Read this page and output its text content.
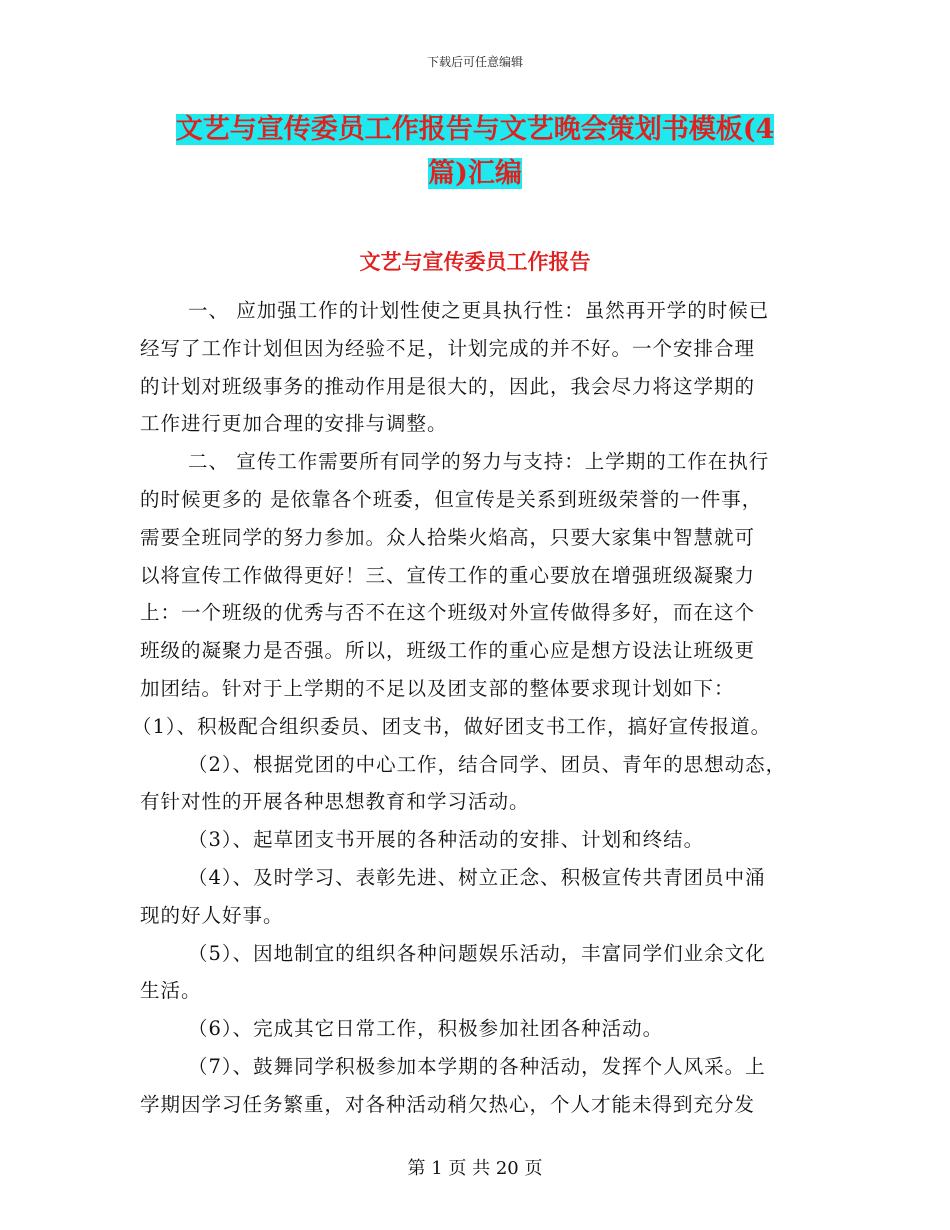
下载后可任意编辑
文艺与宣传委员工作报告与文艺晚会策划书模板(4
篇)汇编
文艺与宣传委员工作报告
一、 应加强工作的计划性使之更具执行性：虽然再开学的时候已
经写了工作计划但因为经验不足，计划完成的并不好。一个安排合理
的计划对班级事务的推动作用是很大的，因此，我会尽力将这学期的
工作进行更加合理的安排与调整。
二、 宣传工作需要所有同学的努力与支持：上学期的工作在执行
的时候更多的 是依靠各个班委，但宣传是关系到班级荣誉的一件事，
需要全班同学的努力参加。众人拾柴火焰高，只要大家集中智慧就可
以将宣传工作做得更好！三、宣传工作的重心要放在增强班级凝聚力
上：一个班级的优秀与否不在这个班级对外宣传做得多好，而在这个
班级的凝聚力是否强。所以，班级工作的重心应是想方设法让班级更
加团结。针对于上学期的不足以及团支部的整体要求现计划如下：
（1）、积极配合组织委员、团支书，做好团支书工作，搞好宣传报道。
（2）、根据党团的中心工作，结合同学、团员、青年的思想动态，
有针对性的开展各种思想教育和学习活动。
（3）、起草团支书开展的各种活动的安排、计划和终结。
（4）、及时学习、表彰先进、树立正念、积极宣传共青团员中涌
现的好人好事。
（5）、因地制宜的组织各种问题娱乐活动，丰富同学们业余文化
生活。
（6）、完成其它日常工作，积极参加社团各种活动。
（7）、鼓舞同学积极参加本学期的各种活动，发挥个人风采。上
学期因学习任务繁重，对各种活动稍欠热心，个人才能未得到充分发
第 1 页 共 20 页
